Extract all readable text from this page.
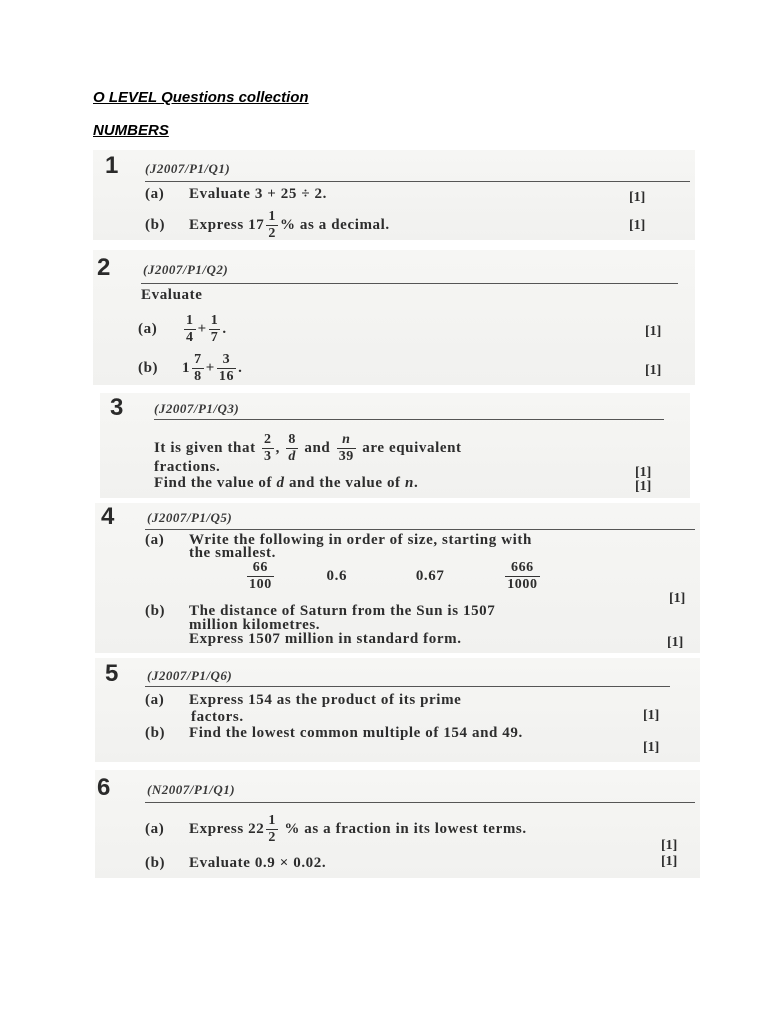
O LEVEL Questions collection
NUMBERS
1 (J2007/P1/Q1)
(a) Evaluate 3 + 25 ÷ 2.	[1]
(b) Express $17 \frac{1}{2}$ % as a decimal.	[1]
2	(J2007/P1/Q2)
Evaluate
$(a) \frac{1}{4} + \frac{1}{7}$ .	[1]
(b) $1 \frac{7}{8} + \frac{3}{16}$ .	[1]
3 (J2007/P1/Q3)
It is given that $\frac{2}{3}$ , $\frac{8}{d}$ and $\frac{n}{39}$ are equivalent
fractions.	[1]
Find the value of d and the value of n.	[1]
4	(J2007/P1/Q5)
(a) Write the following in order of size, starting with
the smallest.
$\frac{66}{100}$	0.6	0.67	$\frac{666}{1000}$
[1]
(b) The distance of Saturn from the Sun is 1507
million kilometres.
Express 1507 million in standard form.	[1]
5 (J2007/P1/Q6)
(a) Express 154 as the product of its prime
factors.	[1]
(b) Find the lowest common multiple of 154 and 49.
[1]
6	(N2007/P1/Q1)
(a) Express $22 \frac{1}{2}$ % as a fraction in its lowest terms.
[1]
(b) Evaluate 0.9 × 0.02.	[1]
